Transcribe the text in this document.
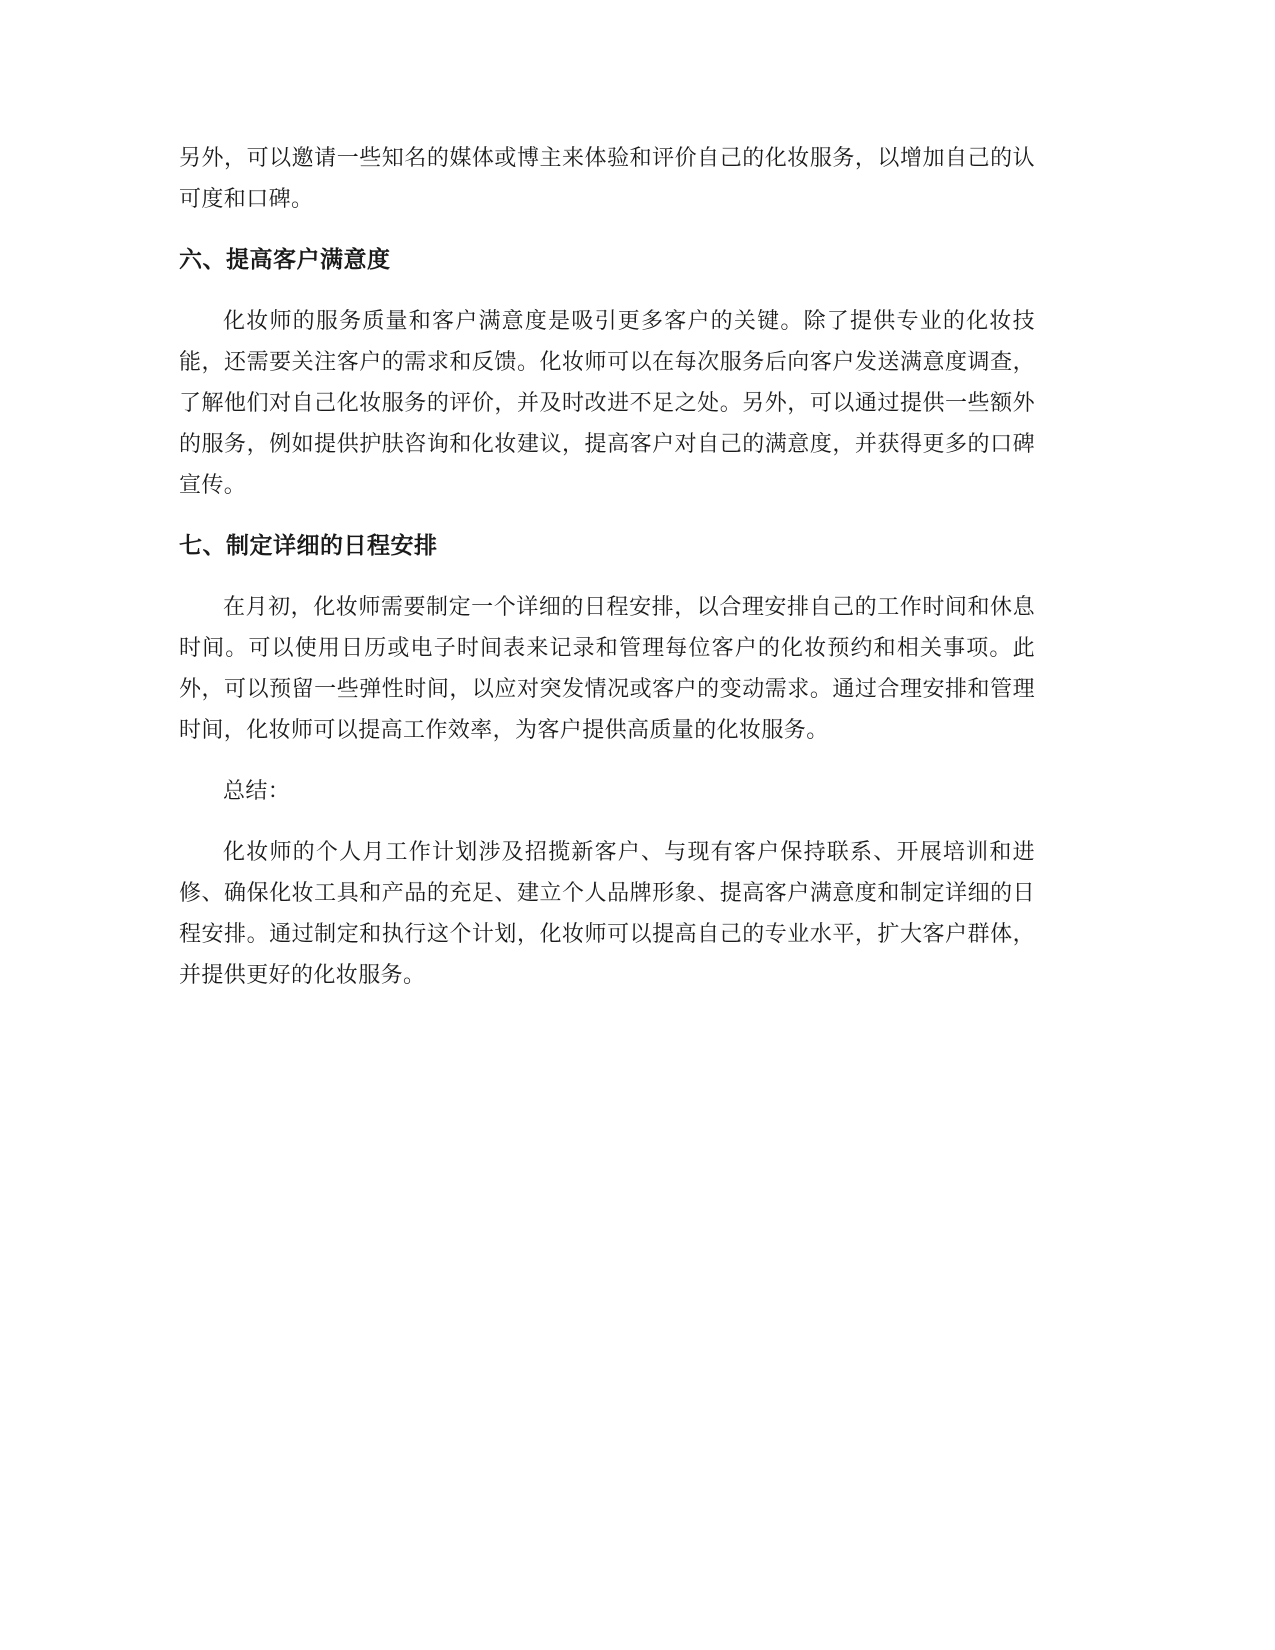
另外，可以邀请一些知名的媒体或博主来体验和评价自己的化妆服务，以增加自己的认可度和口碑。

六、提高客户满意度

化妆师的服务质量和客户满意度是吸引更多客户的关键。除了提供专业的化妆技能，还需要关注客户的需求和反馈。化妆师可以在每次服务后向客户发送满意度调查，了解他们对自己化妆服务的评价，并及时改进不足之处。另外，可以通过提供一些额外的服务，例如提供护肤咨询和化妆建议，提高客户对自己的满意度，并获得更多的口碑宣传。

七、制定详细的日程安排

在月初，化妆师需要制定一个详细的日程安排，以合理安排自己的工作时间和休息时间。可以使用日历或电子时间表来记录和管理每位客户的化妆预约和相关事项。此外，可以预留一些弹性时间，以应对突发情况或客户的变动需求。通过合理安排和管理时间，化妆师可以提高工作效率，为客户提供高质量的化妆服务。

总结：

化妆师的个人月工作计划涉及招揽新客户、与现有客户保持联系、开展培训和进修、确保化妆工具和产品的充足、建立个人品牌形象、提高客户满意度和制定详细的日程安排。通过制定和执行这个计划，化妆师可以提高自己的专业水平，扩大客户群体，并提供更好的化妆服务。
